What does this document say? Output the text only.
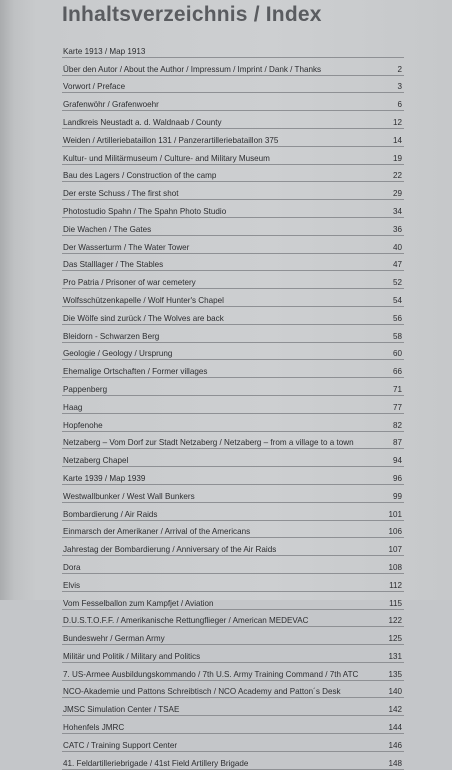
Inhaltsverzeichnis / Index
Karte 1913 / Map 1913
Über den Autor / About the Author / Impressum / Imprint / Dank / Thanks	2
Vorwort / Preface	3
Grafenwöhr / Grafenwoehr	6
Landkreis Neustadt a. d. Waldnaab / County	12
Weiden / Artilleriebataillon 131 / Panzerartilleriebataillon 375	14
Kultur- und Militärmuseum / Culture- and Military Museum	19
Bau des Lagers / Construction of the camp	22
Der erste Schuss / The first shot	29
Photostudio Spahn / The Spahn Photo Studio	34
Die Wachen / The Gates	36
Der Wasserturm / The Water Tower	40
Das Stalllager / The Stables	47
Pro Patria / Prisoner of war cemetery	52
Wolfsschützenkapelle / Wolf Hunter's Chapel	54
Die Wölfe sind zurück / The Wolves are back	56
Bleidorn - Schwarzen Berg	58
Geologie / Geology / Ursprung	60
Ehemalige Ortschaften / Former villages	66
Pappenberg	71
Haag	77
Hopfenohe	82
Netzaberg – Vom Dorf zur Stadt Netzaberg / Netzaberg – from a village to a town	87
Netzaberg Chapel	94
Karte 1939 / Map 1939	96
Westwallbunker / West Wall Bunkers	99
Bombardierung / Air Raids	101
Einmarsch der Amerikaner / Arrival of the Americans	106
Jahrestag der Bombardierung / Anniversary of the Air Raids	107
Dora	108
Elvis	112
Vom Fesselballon zum Kampfjet / Aviation	115
D.U.S.T.O.F.F. / Amerikanische Rettungflieger / American MEDEVAC	122
Bundeswehr / German Army	125
Militär und Politik / Military and Politics	131
7. US-Armee Ausbildungskommando / 7th U.S. Army Training Command / 7th ATC	135
NCO-Akademie und Pattons Schreibtisch / NCO Academy and Patton´s Desk	140
JMSC Simulation Center / TSAE	142
Hohenfels JMRC	144
CATC / Training Support Center	146
41. Feldartilleriebrigade / 41st Field Artillery Brigade	148
